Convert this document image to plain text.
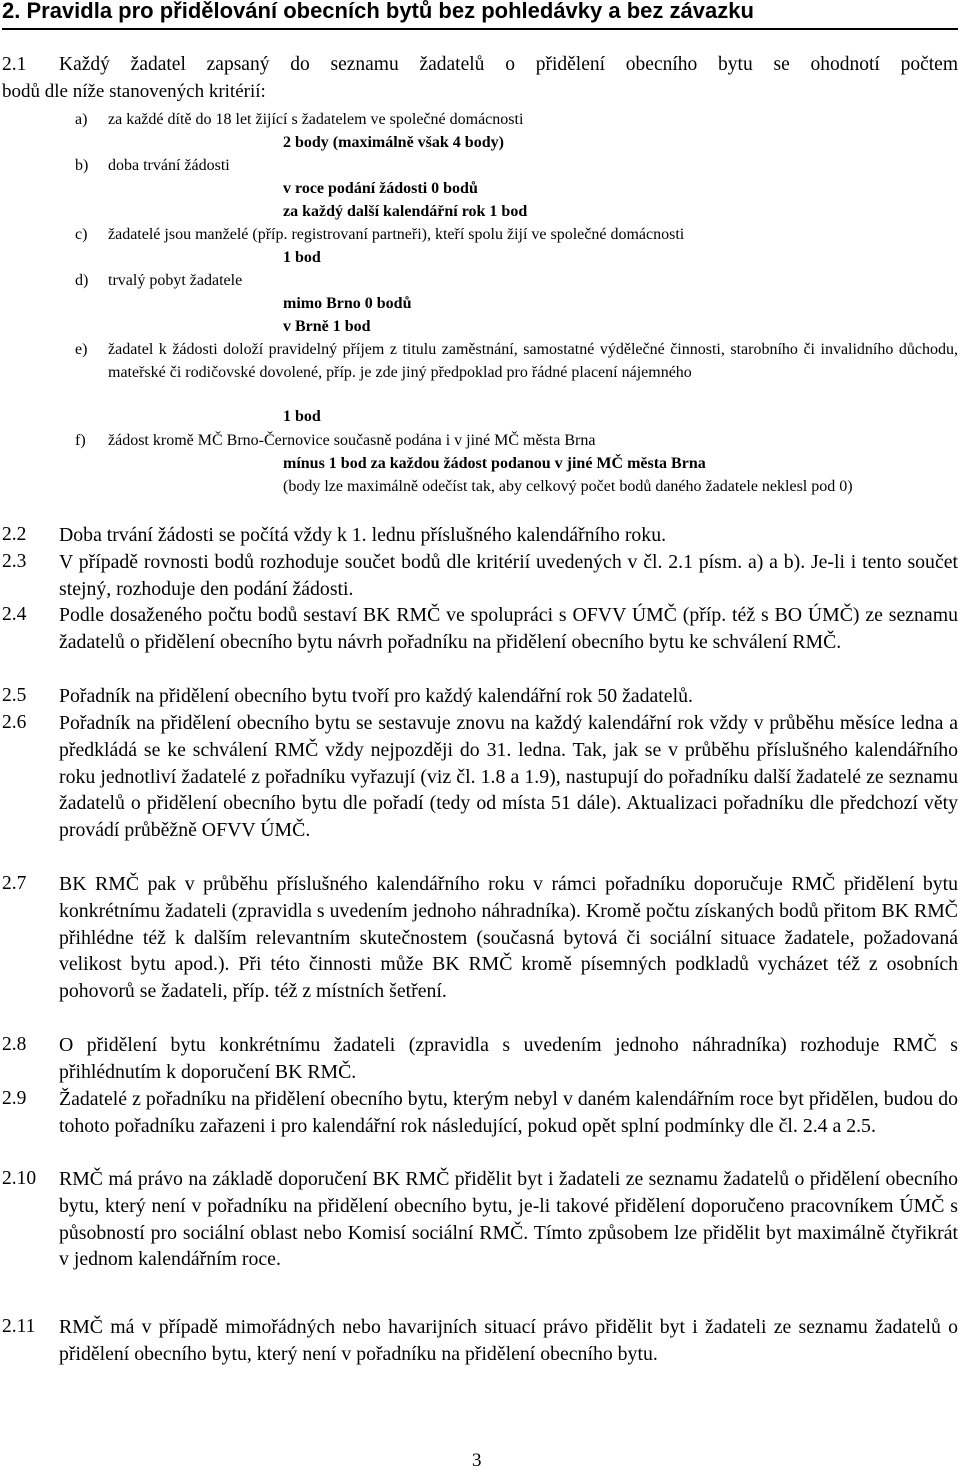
2. Pravidla pro přidělování obecních bytů bez pohledávky a bez závazku
2.1 Každý žadatel zapsaný do seznamu žadatelů o přidělení obecního bytu se ohodnotí počtem
bodů dle níže stanovených kritérií:
a) za každé dítě do 18 let žijící s žadatelem ve společné domácnosti
2 body (maximálně však 4 body)
b) doba trvání žádosti
v roce podání žádosti 0 bodů
za každý další kalendářní rok 1 bod
c) žadatelé jsou manželé (příp. registrovaní partneři), kteří spolu žijí ve společné domácnosti
1 bod
d) trvalý pobyt žadatele
mimo Brno 0 bodů
v Brně 1 bod
e) žadatel k žádosti doloží pravidelný příjem z titulu zaměstnání, samostatné výdělečné činnosti, starobního či invalidního důchodu, mateřské či rodičovské dovolené, příp. je zde jiný předpoklad pro řádné placení nájemného
1 bod
f) žádost kromě MČ Brno-Černovice současně podána i v jiné MČ města Brna
mínus 1 bod za každou žádost podanou v jiné MČ města Brna
(body lze maximálně odečíst tak, aby celkový počet bodů daného žadatele neklesl pod 0)
2.2 Doba trvání žádosti se počítá vždy k 1. lednu příslušného kalendářního roku.
2.3 V případě rovnosti bodů rozhoduje součet bodů dle kritérií uvedených v čl. 2.1 písm. a) a b). Je-li i tento součet stejný, rozhoduje den podání žádosti.
2.4 Podle dosaženého počtu bodů sestaví BK RMČ ve spolupráci s OFVV ÚMČ (příp. též s BO ÚMČ) ze seznamu žadatelů o přidělení obecního bytu návrh pořadníku na přidělení obecního bytu ke schválení RMČ.
2.5 Pořadník na přidělení obecního bytu tvoří pro každý kalendářní rok 50 žadatelů.
2.6 Pořadník na přidělení obecního bytu se sestavuje znovu na každý kalendářní rok vždy v průběhu měsíce ledna a předkládá se ke schválení RMČ vždy nejpozději do 31. ledna. Tak, jak se v průběhu příslušného kalendářního roku jednotliví žadatelé z pořadníku vyřazují (viz čl. 1.8 a 1.9), nastupují do pořadníku další žadatelé ze seznamu žadatelů o přidělení obecního bytu dle pořadí (tedy od místa 51 dále). Aktualizaci pořadníku dle předchozí věty provádí průběžně OFVV ÚMČ.
2.7 BK RMČ pak v průběhu příslušného kalendářního roku v rámci pořadníku doporučuje RMČ přidělení bytu konkrétnímu žadateli (zpravidla s uvedením jednoho náhradníka). Kromě počtu získaných bodů přitom BK RMČ přihlédne též k dalším relevantním skutečnostem (současná bytová či sociální situace žadatele, požadovaná velikost bytu apod.). Při této činnosti může BK RMČ kromě písemných podkladů vycházet též z osobních pohovorů se žadateli, příp. též z místních šetření.
2.8 O přidělení bytu konkrétnímu žadateli (zpravidla s uvedením jednoho náhradníka) rozhoduje RMČ s přihlédnutím k doporučení BK RMČ.
2.9 Žadatelé z pořadníku na přidělení obecního bytu, kterým nebyl v daném kalendářním roce byt přidělen, budou do tohoto pořadníku zařazeni i pro kalendářní rok následující, pokud opět splní podmínky dle čl. 2.4 a 2.5.
2.10 RMČ má právo na základě doporučení BK RMČ přidělit byt i žadateli ze seznamu žadatelů o přidělení obecního bytu, který není v pořadníku na přidělení obecního bytu, je-li takové přidělení doporučeno pracovníkem ÚMČ s působností pro sociální oblast nebo Komisí sociální RMČ. Tímto způsobem lze přidělit byt maximálně čtyřikrát v jednom kalendářním roce.
2.11 RMČ má v případě mimořádných nebo havarijních situací právo přidělit byt i žadateli ze seznamu žadatelů o přidělení obecního bytu, který není v pořadníku na přidělení obecního bytu.
3
